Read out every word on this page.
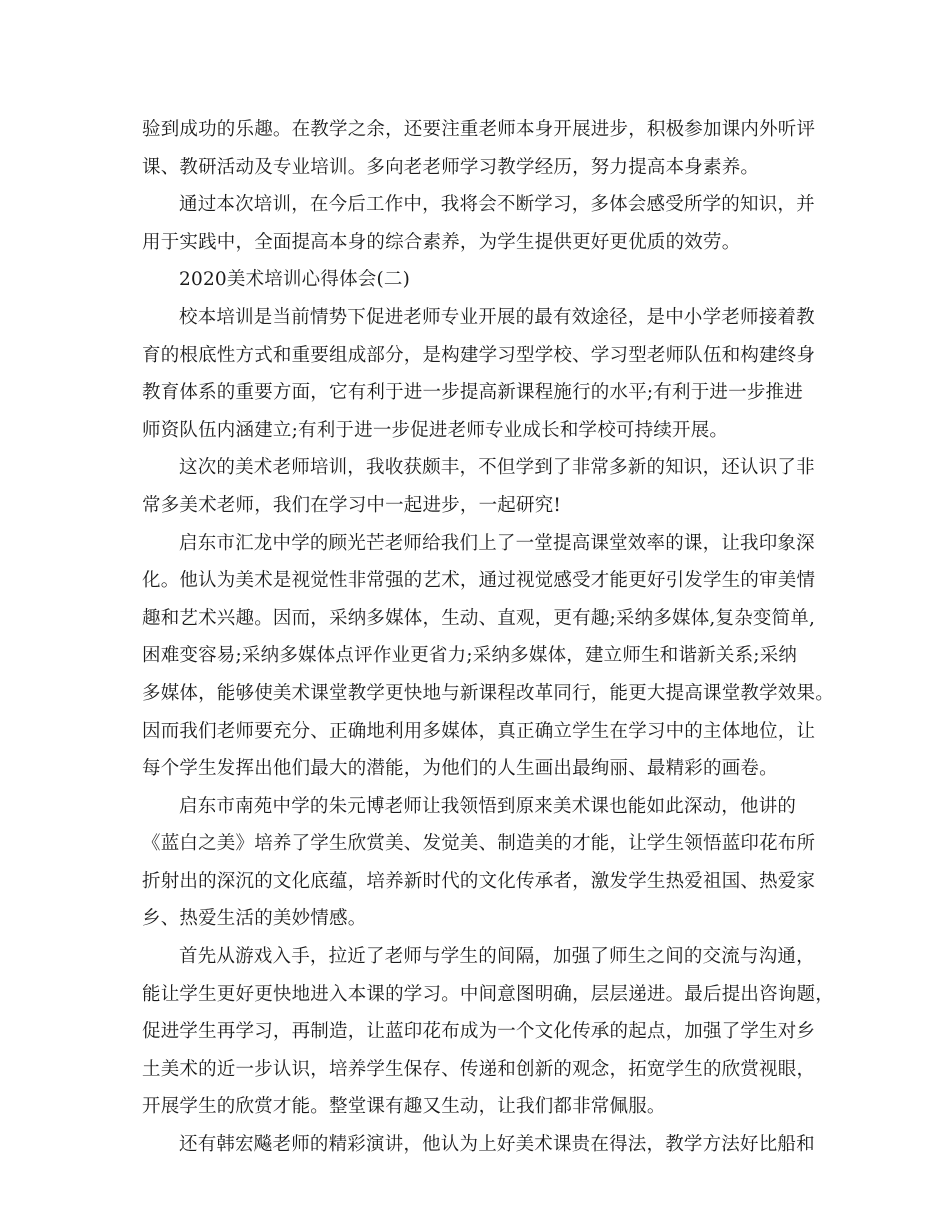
验到成功的乐趣。在教学之余，还要注重老师本身开展进步，积极参加课内外听评
课、教研活动及专业培训。多向老老师学习教学经历，努力提高本身素养。
通过本次培训，在今后工作中，我将会不断学习，多体会感受所学的知识，并
用于实践中，全面提高本身的综合素养，为学生提供更好更优质的效劳。
2020美术培训心得体会(二)
校本培训是当前情势下促进老师专业开展的最有效途径，是中小学老师接着教
育的根底性方式和重要组成部分，是构建学习型学校、学习型老师队伍和构建终身
教育体系的重要方面，它有利于进一步提高新课程施行的水平;有利于进一步推进
师资队伍内涵建立;有利于进一步促进老师专业成长和学校可持续开展。
这次的美术老师培训，我收获颇丰，不但学到了非常多新的知识，还认识了非
常多美术老师，我们在学习中一起进步，一起研究!
启东市汇龙中学的顾光芒老师给我们上了一堂提高课堂效率的课，让我印象深
化。他认为美术是视觉性非常强的艺术，通过视觉感受才能更好引发学生的审美情
趣和艺术兴趣。因而，采纳多媒体，生动、直观，更有趣;采纳多媒体,复杂变简单,
困难变容易;采纳多媒体点评作业更省力;采纳多媒体，建立师生和谐新关系;采纳
多媒体，能够使美术课堂教学更快地与新课程改革同行，能更大提高课堂教学效果。
因而我们老师要充分、正确地利用多媒体，真正确立学生在学习中的主体地位，让
每个学生发挥出他们最大的潜能，为他们的人生画出最绚丽、最精彩的画卷。
启东市南苑中学的朱元博老师让我领悟到原来美术课也能如此深动，他讲的
《蓝白之美》培养了学生欣赏美、发觉美、制造美的才能，让学生领悟蓝印花布所
折射出的深沉的文化底蕴，培养新时代的文化传承者，激发学生热爱祖国、热爱家
乡、热爱生活的美妙情感。
首先从游戏入手，拉近了老师与学生的间隔，加强了师生之间的交流与沟通，
能让学生更好更快地进入本课的学习。中间意图明确，层层递进。最后提出咨询题，
促进学生再学习，再制造，让蓝印花布成为一个文化传承的起点，加强了学生对乡
土美术的近一步认识，培养学生保存、传递和创新的观念，拓宽学生的欣赏视眼，
开展学生的欣赏才能。整堂课有趣又生动，让我们都非常佩服。
还有韩宏飚老师的精彩演讲，他认为上好美术课贵在得法，教学方法好比船和
